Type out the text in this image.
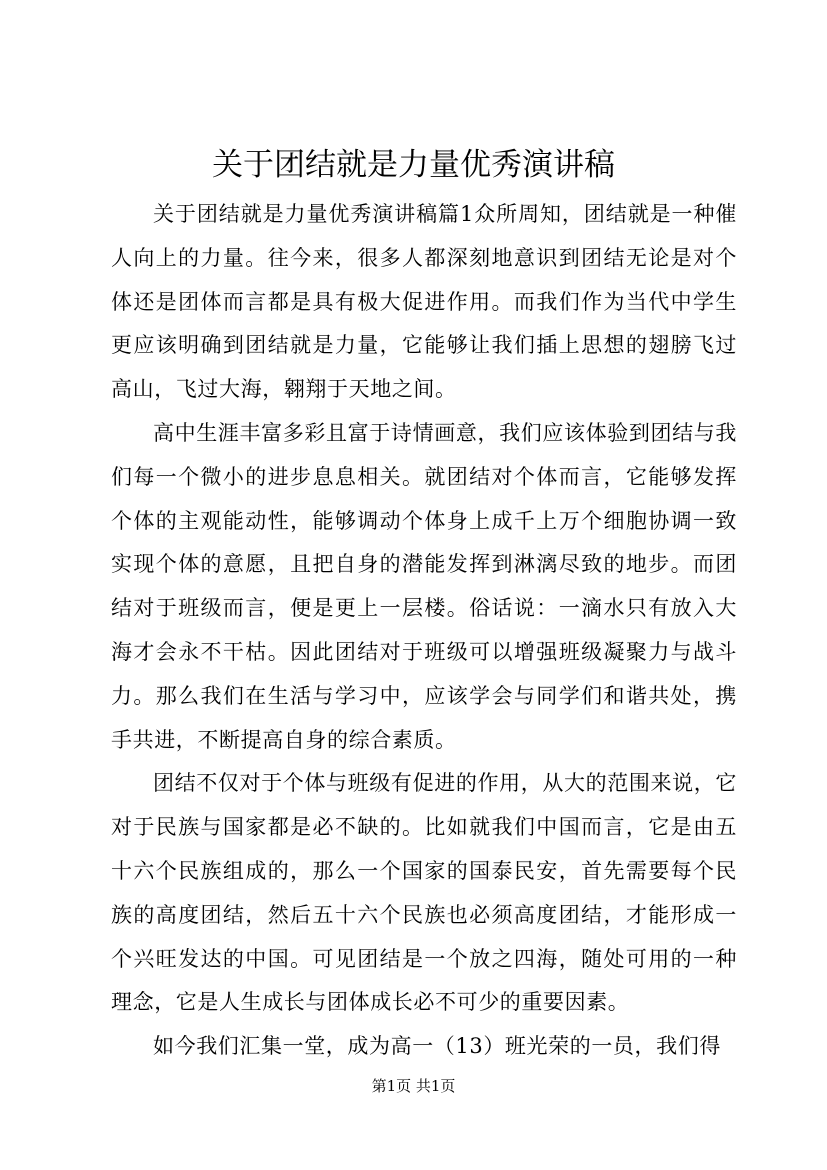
关于团结就是力量优秀演讲稿

关于团结就是力量优秀演讲稿篇1众所周知，团结就是一种催人向上的力量。往今来，很多人都深刻地意识到团结无论是对个体还是团体而言都是具有极大促进作用。而我们作为当代中学生更应该明确到团结就是力量，它能够让我们插上思想的翅膀飞过高山，飞过大海，翱翔于天地之间。

高中生涯丰富多彩且富于诗情画意，我们应该体验到团结与我们每一个微小的进步息息相关。就团结对个体而言，它能够发挥个体的主观能动性，能够调动个体身上成千上万个细胞协调一致实现个体的意愿，且把自身的潜能发挥到淋漓尽致的地步。而团结对于班级而言，便是更上一层楼。俗话说：一滴水只有放入大海才会永不干枯。因此团结对于班级可以增强班级凝聚力与战斗力。那么我们在生活与学习中，应该学会与同学们和谐共处，携手共进，不断提高自身的综合素质。

团结不仅对于个体与班级有促进的作用，从大的范围来说，它对于民族与国家都是必不缺的。比如就我们中国而言，它是由五十六个民族组成的，那么一个国家的国泰民安，首先需要每个民族的高度团结，然后五十六个民族也必须高度团结，才能形成一个兴旺发达的中国。可见团结是一个放之四海，随处可用的一种理念，它是人生成长与团体成长必不可少的重要因素。

如今我们汇集一堂，成为高一（13）班光荣的一员，我们得

第1页 共1页
